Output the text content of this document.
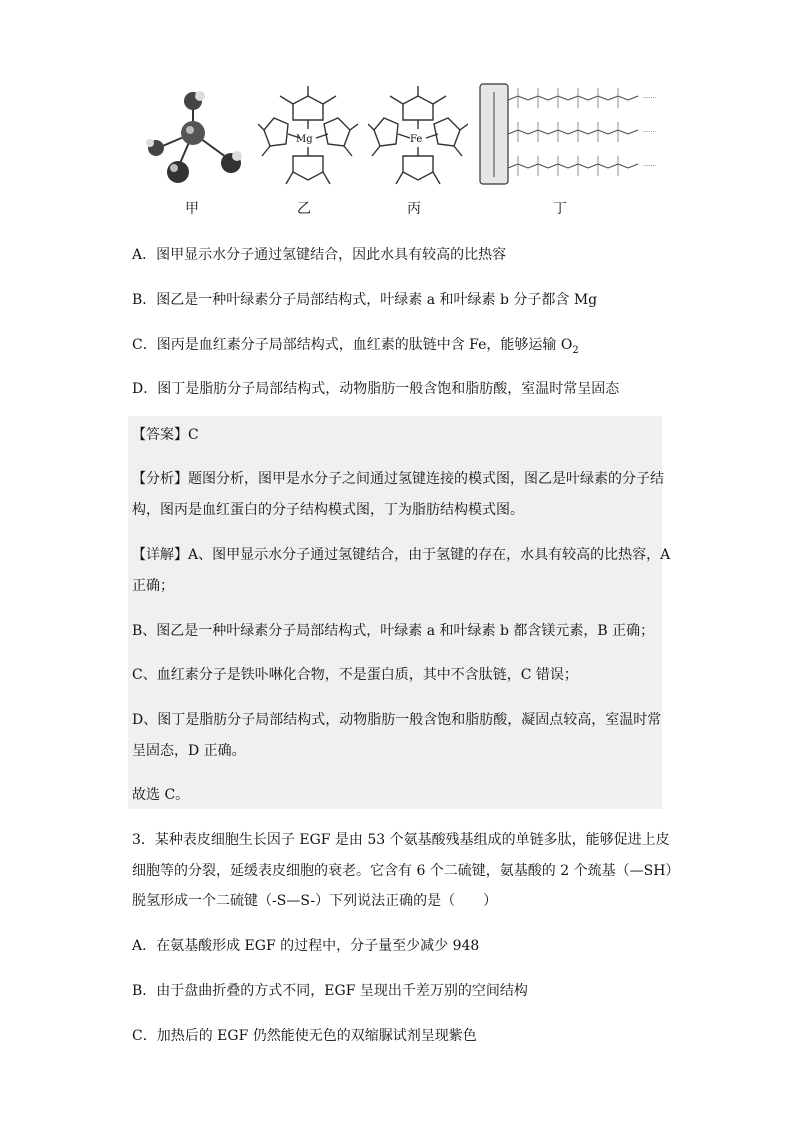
Mg	Fe
·······
·······
·······
甲	乙	丙	丁
A．图甲显示水分子通过氢键结合，因此水具有较高的比热容
B．图乙是一种叶绿素分子局部结构式，叶绿素 a 和叶绿素 b 分子都含 Mg
C．图丙是血红素分子局部结构式，血红素的肽链中含 Fe，能够运输 $O_2$
D．图丁是脂肪分子局部结构式，动物脂肪一般含饱和脂肪酸，室温时常呈固态
【答案】C
【分析】题图分析，图甲是水分子之间通过氢键连接的模式图，图乙是叶绿素的分子结
构，图丙是血红蛋白的分子结构模式图，丁为脂肪结构模式图。
【详解】A、图甲显示水分子通过氢键结合，由于氢键的存在，水具有较高的比热容，A
正确；
B、图乙是一种叶绿素分子局部结构式，叶绿素 a 和叶绿素 b 都含镁元素，B 正确；
C、血红素分子是铁卟啉化合物，不是蛋白质，其中不含肽链，C 错误；
D、图丁是脂肪分子局部结构式，动物脂肪一般含饱和脂肪酸，凝固点较高，室温时常
呈固态，D 正确。
故选 C。
3．某种表皮细胞生长因子 EGF 是由 53 个氨基酸残基组成的单链多肽，能够促进上皮
细胞等的分裂，延缓表皮细胞的衰老。它含有 6 个二硫键，氨基酸的 2 个巯基（—SH）
脱氢形成一个二硫键（-S—S-）下列说法正确的是（　　）
A．在氨基酸形成 EGF 的过程中，分子量至少减少 948
B．由于盘曲折叠的方式不同，EGF 呈现出千差万别的空间结构
C．加热后的 EGF 仍然能使无色的双缩脲试剂呈现紫色
